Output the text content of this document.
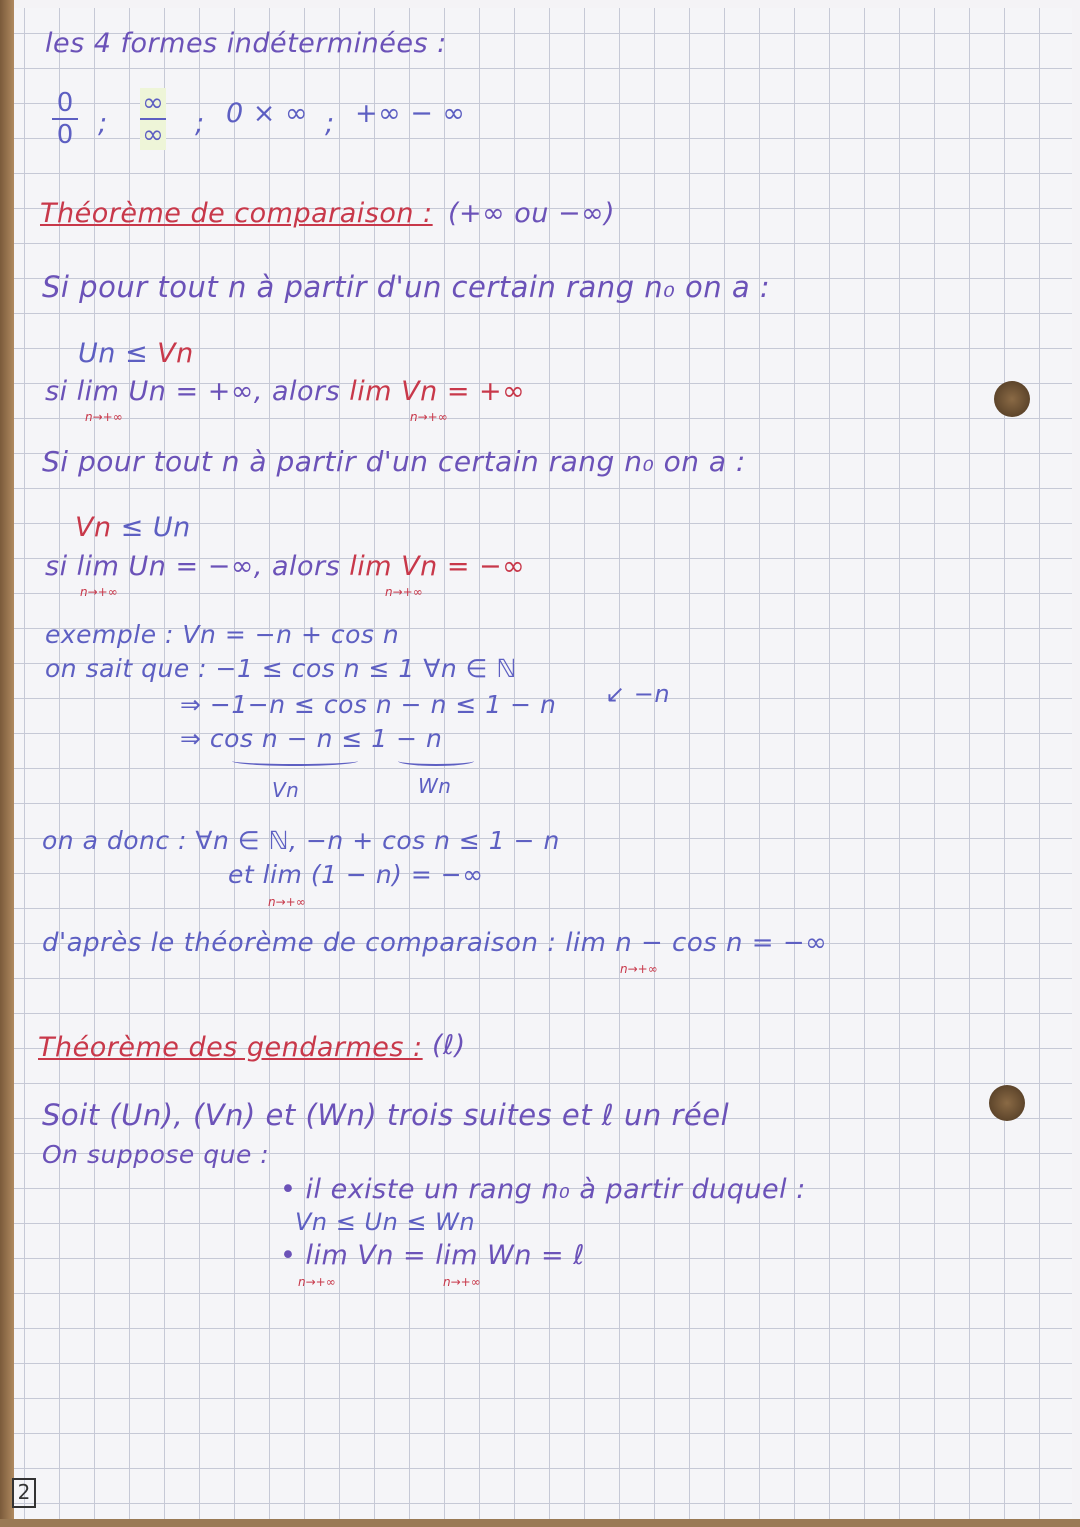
les 4 formes indéterminées :
0
0 ;
∞
∞ ; 0 × ∞ ; +∞ − ∞
Théorème de comparaison : (+∞ ou −∞)
Si pour tout n à partir d'un certain rang n₀ on a :
Un ≤ Vn
si lim Un = +∞, alors lim Vn = +∞
n→+∞	n→+∞
Si pour tout n à partir d'un certain rang n₀ on a :
Vn ≤ Un
si lim Un = −∞, alors lim Vn = −∞
n→+∞	n→+∞
exemple : Vn = −n + cos n
on sait que : −1 ≤ cos n ≤ 1 ∀n ∈ ℕ
↙ −n
⇒ −1−n ≤ cos n − n ≤ 1 − n
⇒ cos n − n ≤ 1 − n
Vn	Wn
on a donc : ∀n ∈ ℕ, −n + cos n ≤ 1 − n
et lim (1 − n) = −∞
n→+∞
d'après le théorème de comparaison : lim n − cos n = −∞
n→+∞
Théorème des gendarmes : (ℓ)
Soit (Un), (Vn) et (Wn) trois suites et ℓ un réel
On suppose que :
• il existe un rang n₀ à partir duquel :
Vn ≤ Un ≤ Wn
• lim Vn = lim Wn = ℓ
n→+∞	n→+∞
2
